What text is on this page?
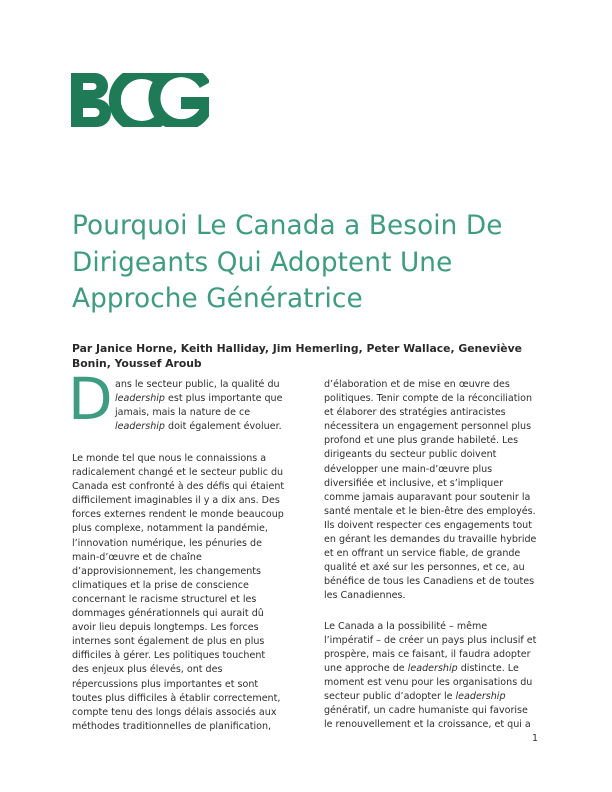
Pourquoi Le Canada a Besoin De
Dirigeants Qui Adoptent Une
Approche Génératrice
Par Janice Horne, Keith Halliday, Jim Hemerling, Peter Wallace, Geneviève Bonin, Youssef Aroub
D ans le secteur public, la qualité du
leadership est plus importante que
jamais, mais la nature de ce
leadership doit également évoluer.

Le monde tel que nous le connaissions a
radicalement changé et le secteur public du
Canada est confronté à des défis qui étaient
difficilement imaginables il y a dix ans. Des
forces externes rendent le monde beaucoup
plus complexe, notamment la pandémie,
l’innovation numérique, les pénuries de
main-d’œuvre et de chaîne
d’approvisionnement, les changements
climatiques et la prise de conscience
concernant le racisme structurel et les
dommages générationnels qui aurait dû
avoir lieu depuis longtemps. Les forces
internes sont également de plus en plus
difficiles à gérer. Les politiques touchent
des enjeux plus élevés, ont des
répercussions plus importantes et sont
toutes plus difficiles à établir correctement,
compte tenu des longs délais associés aux
méthodes traditionnelles de planification,

d’élaboration et de mise en œuvre des
politiques. Tenir compte de la réconciliation
et élaborer des stratégies antiracistes
nécessitera un engagement personnel plus
profond et une plus grande habileté. Les
dirigeants du secteur public doivent
développer une main-d’œuvre plus
diversifiée et inclusive, et s’impliquer
comme jamais auparavant pour soutenir la
santé mentale et le bien-être des employés.
Ils doivent respecter ces engagements tout
en gérant les demandes du travaille hybride
et en offrant un service fiable, de grande
qualité et axé sur les personnes, et ce, au
bénéfice de tous les Canadiens et de toutes
les Canadiennes.

Le Canada a la possibilité – même
l’impératif – de créer un pays plus inclusif et
prospère, mais ce faisant, il faudra adopter
une approche de leadership distincte. Le
moment est venu pour les organisations du
secteur public d’adopter le leadership
génératif, un cadre humaniste qui favorise
le renouvellement et la croissance, et qui a

1
